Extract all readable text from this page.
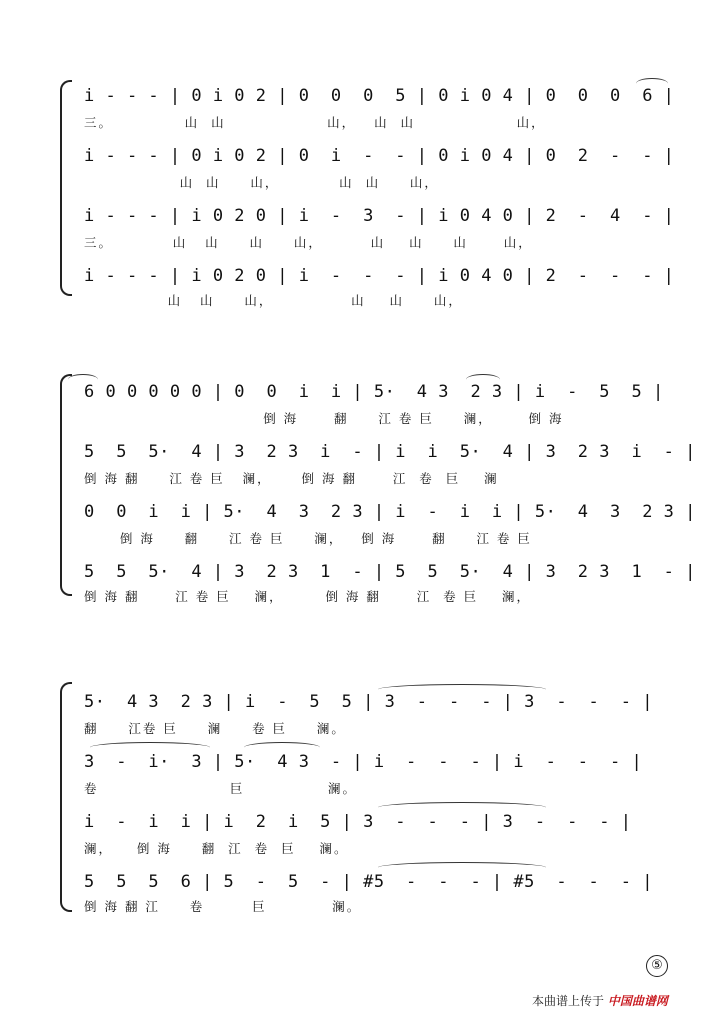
i - - - | 0 i 0 2 | 0  0  0  5 | 0 i 0 4 | 0  0  0  6 |
三。            山  山                 山，   山  山                 山，
i - - - | 0 i 0 2 | 0  i  -  - | 0 i 0 4 | 0  2  -  - |
山  山     山，          山  山     山，
i - - - | i 0 2 0 | i  -  3  - | i 0 4 0 | 2  -  4  - |
三。          山   山     山     山，        山    山     山      山，
i - - - | i 0 2 0 | i  -  -  - | i 0 4 0 | 2  -  -  - |
山   山     山，             山    山     山，
6 0 0 0 0 0 | 0  0  i  i | 5·  4 3  2 3 | i  -  5  5 |
倒 海      翻     江 卷 巨     澜，      倒 海
5  5  5·  4 | 3  2 3  i  - | i  i  5·  4 | 3  2 3  i  - |
倒 海 翻     江 卷 巨   澜，     倒 海 翻      江  卷  巨    澜
0  0  i  i | 5·  4  3  2 3 | i  -  i  i | 5·  4  3  2 3 |
倒 海     翻     江 卷 巨     澜，   倒 海      翻     江 卷 巨
5  5  5·  4 | 3  2 3  1  - | 5  5  5·  4 | 3  2 3  1  - |
倒 海 翻      江 卷 巨    澜，       倒 海 翻      江  卷 巨    澜，
5·  4 3  2 3 | i  -  5  5 | 3  -  -  - | 3  -  -  - |
翻     江卷 巨     澜     卷 巨     澜。
3  -  i·  3 | 5·  4 3  - | i  -  -  - | i  -  -  - |
卷                      巨              澜。
i  -  i  i | i  2  i  5 | 3  -  -  - | 3  -  -  - |
澜，    倒 海     翻  江  卷  巨    澜。
5  5  5  6 | 5  -  5  - | #5  -  -  - | #5  -  -  - |
倒 海 翻 江     卷        巨           澜。
⑤
本曲谱上传于 中国曲谱网
